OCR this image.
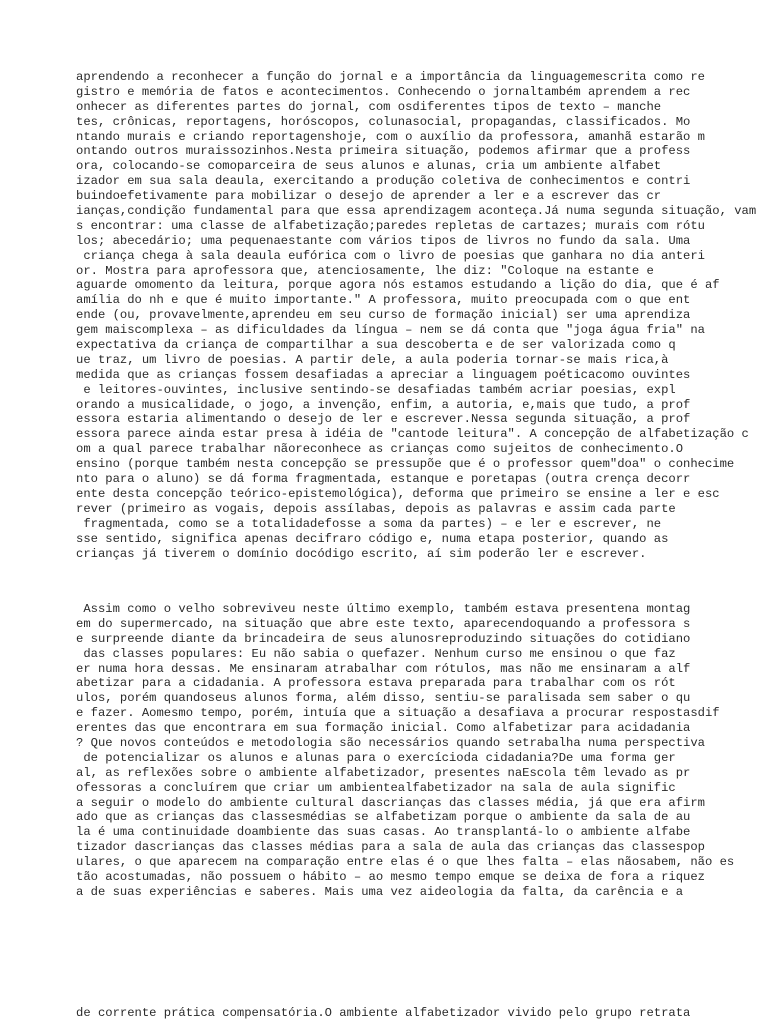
aprendendo a reconhecer a função do jornal e a importância da linguagemescrita como re
gistro e memória de fatos e acontecimentos. Conhecendo o jornaltambém aprendem a rec
onhecer as diferentes partes do jornal, com osdiferentes tipos de texto – manche
tes, crônicas, reportagens, horóscopos, colunasocial, propagandas, classificados. Mo
ntando murais e criando reportagenshoje, com o auxílio da professora, amanhã estarão m
ontando outros muraissozinhos.Nesta primeira situação, podemos afirmar que a profess
ora, colocando-se comoparceira de seus alunos e alunas, cria um ambiente alfabet
izador em sua sala deaula, exercitando a produção coletiva de conhecimentos e contri
buindoefetivamente para mobilizar o desejo de aprender a ler e a escrever das cr
ianças,condição fundamental para que essa aprendizagem aconteça.Já numa segunda situação, vam
s encontrar: uma classe de alfabetização;paredes repletas de cartazes; murais com rótu
los; abecedário; uma pequenaestante com vários tipos de livros no fundo da sala. Uma
criança chega à sala deaula eufórica com o livro de poesias que ganhara no dia anteri
or. Mostra para aprofessora que, atenciosamente, lhe diz: "Coloque na estante e
aguarde omomento da leitura, porque agora nós estamos estudando a lição do dia, que é af
amília do nh e que é muito importante." A professora, muito preocupada com o que ent
ende (ou, provavelmente,aprendeu em seu curso de formação inicial) ser uma aprendiza
gem maiscomplexa – as dificuldades da língua – nem se dá conta que "joga água fria" na
expectativa da criança de compartilhar a sua descoberta e de ser valorizada como q
ue traz, um livro de poesias. A partir dele, a aula poderia tornar-se mais rica,à
medida que as crianças fossem desafiadas a apreciar a linguagem poéticacomo ouvintes
e leitores-ouvintes, inclusive sentindo-se desafiadas também acriar poesias, expl
orando a musicalidade, o jogo, a invenção, enfim, a autoria, e,mais que tudo, a prof
essora estaria alimentando o desejo de ler e escrever.Nessa segunda situação, a prof
essora parece ainda estar presa à idéia de "cantode leitura". A concepção de alfabetização c
om a qual parece trabalhar nãoreconhece as crianças como sujeitos de conhecimento.O
ensino (porque também nesta concepção se pressupõe que é o professor quem"doa" o conhecime
nto para o aluno) se dá forma fragmentada, estanque e poretapas (outra crença decorr
ente desta concepção teórico-epistemológica), deforma que primeiro se ensine a ler e esc
rever (primeiro as vogais, depois assílabas, depois as palavras e assim cada parte
fragmentada, como se a totalidadefosse a soma da partes) – e ler e escrever, ne
sse sentido, significa apenas decifraro código e, numa etapa posterior, quando as
crianças já tiverem o domínio docódigo escrito, aí sim poderão ler e escrever.
Assim como o velho sobreviveu neste último exemplo, também estava presentena montag
em do supermercado, na situação que abre este texto, aparecendoquando a professora s
e surpreende diante da brincadeira de seus alunosreproduzindo situações do cotidiano
das classes populares: Eu não sabia o quefazer. Nenhum curso me ensinou o que faz
er numa hora dessas. Me ensinaram atrabalhar com rótulos, mas não me ensinaram a alf
abetizar para a cidadania. A professora estava preparada para trabalhar com os rót
ulos, porém quandoseus alunos forma, além disso, sentiu-se paralisada sem saber o qu
e fazer. Aomesmo tempo, porém, intuía que a situação a desafiava a procurar respostasdif
erentes das que encontrara em sua formação inicial. Como alfabetizar para acidadania
? Que novos conteúdos e metodologia são necessários quando setrabalha numa perspectiva
de potencializar os alunos e alunas para o exercícioda cidadania?De uma forma ger
al, as reflexões sobre o ambiente alfabetizador, presentes naEscola têm levado as pr
ofessoras a concluírem que criar um ambientealfabetizador na sala de aula signific
a seguir o modelo do ambiente cultural dascrianças das classes média, já que era afirm
ado que as crianças das classesmédias se alfabetizam porque o ambiente da sala de au
la é uma continuidade doambiente das suas casas. Ao transplantá-lo o ambiente alfabe
tizador dascrianças das classes médias para a sala de aula das crianças das classespop
ulares, o que aparecem na comparação entre elas é o que lhes falta – elas nãosabem, não es
tão acostumadas, não possuem o hábito – ao mesmo tempo emque se deixa de fora a riquez
a de suas experiências e saberes. Mais uma vez aideologia da falta, da carência e a
de corrente prática compensatória.O ambiente alfabetizador vivido pelo grupo retrata
